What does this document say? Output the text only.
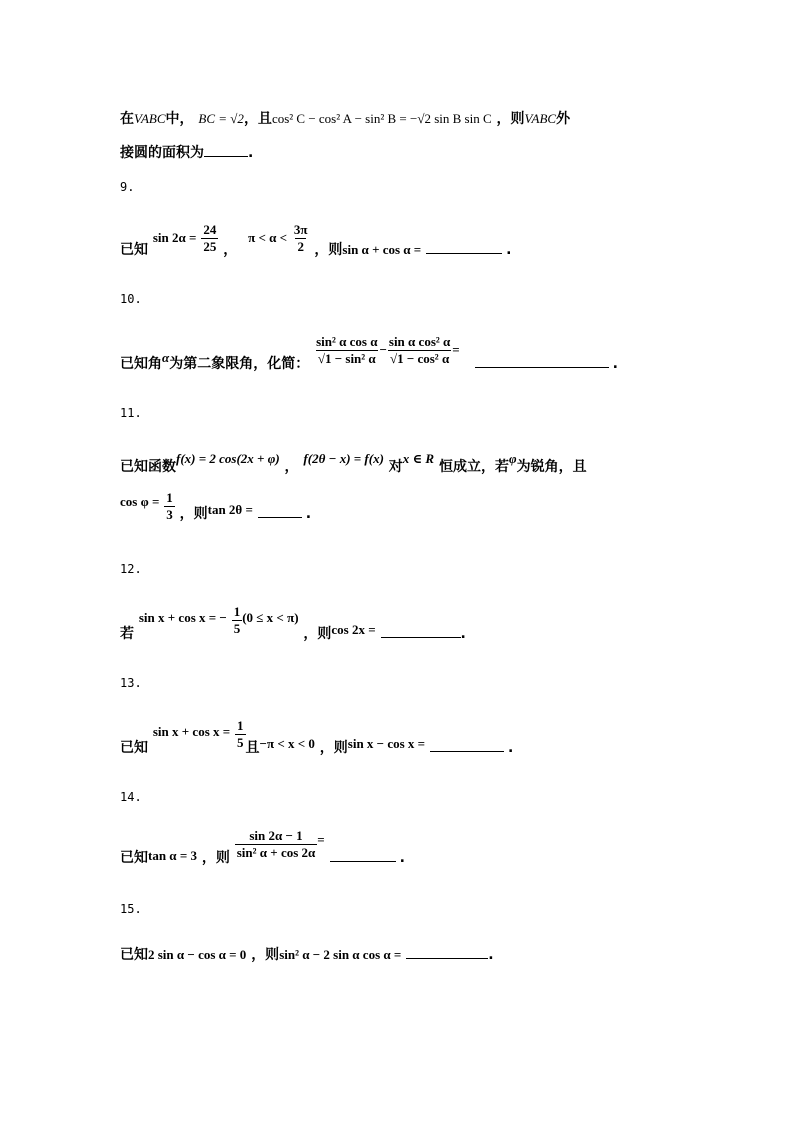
在VABC中， BC = √2，且cos² C − cos² A − sin² B = −√2 sin B sin C ，则VABC外
接圆的面积为	.
9.
已知 $\sin 2\alpha = \frac{24}{25}$ ， $\pi < \alpha < \frac{3\pi}{2}$ ，则sin α + cos α =	.
10.
已知角α为第二象限角，化简： $\frac{\text{sin² α cos α}}{\text{√1 − sin² α}} - \frac{\text{sin α cos² α}}{\text{√1 − cos² α}}$ = .
11.
已知函数f(x) = 2 cos(2x + φ) ， f(2θ − x) = f(x) 对x ∈ R 恒成立，若φ为锐角，且
$\cos \varphi = \frac{1}{3}$ ，则tan 2θ =	.
12.
若 sin x + cos x = − $\frac{1}{5} (0 \le x < \pi)$ ，则cos 2x =	.
13.
已知 $\sin x + \cos x = \frac{1}{5}$ 且−π < x < 0 ，则sin x − cos x =	.
14.
已知tan α = 3 ，则 $\frac{\sin 2\alpha - 1}{\text{sin² α + cos 2α}}$ = .
15.
已知2 sin α − cos α = 0 ，则sin² α − 2 sin α cos α =	.
